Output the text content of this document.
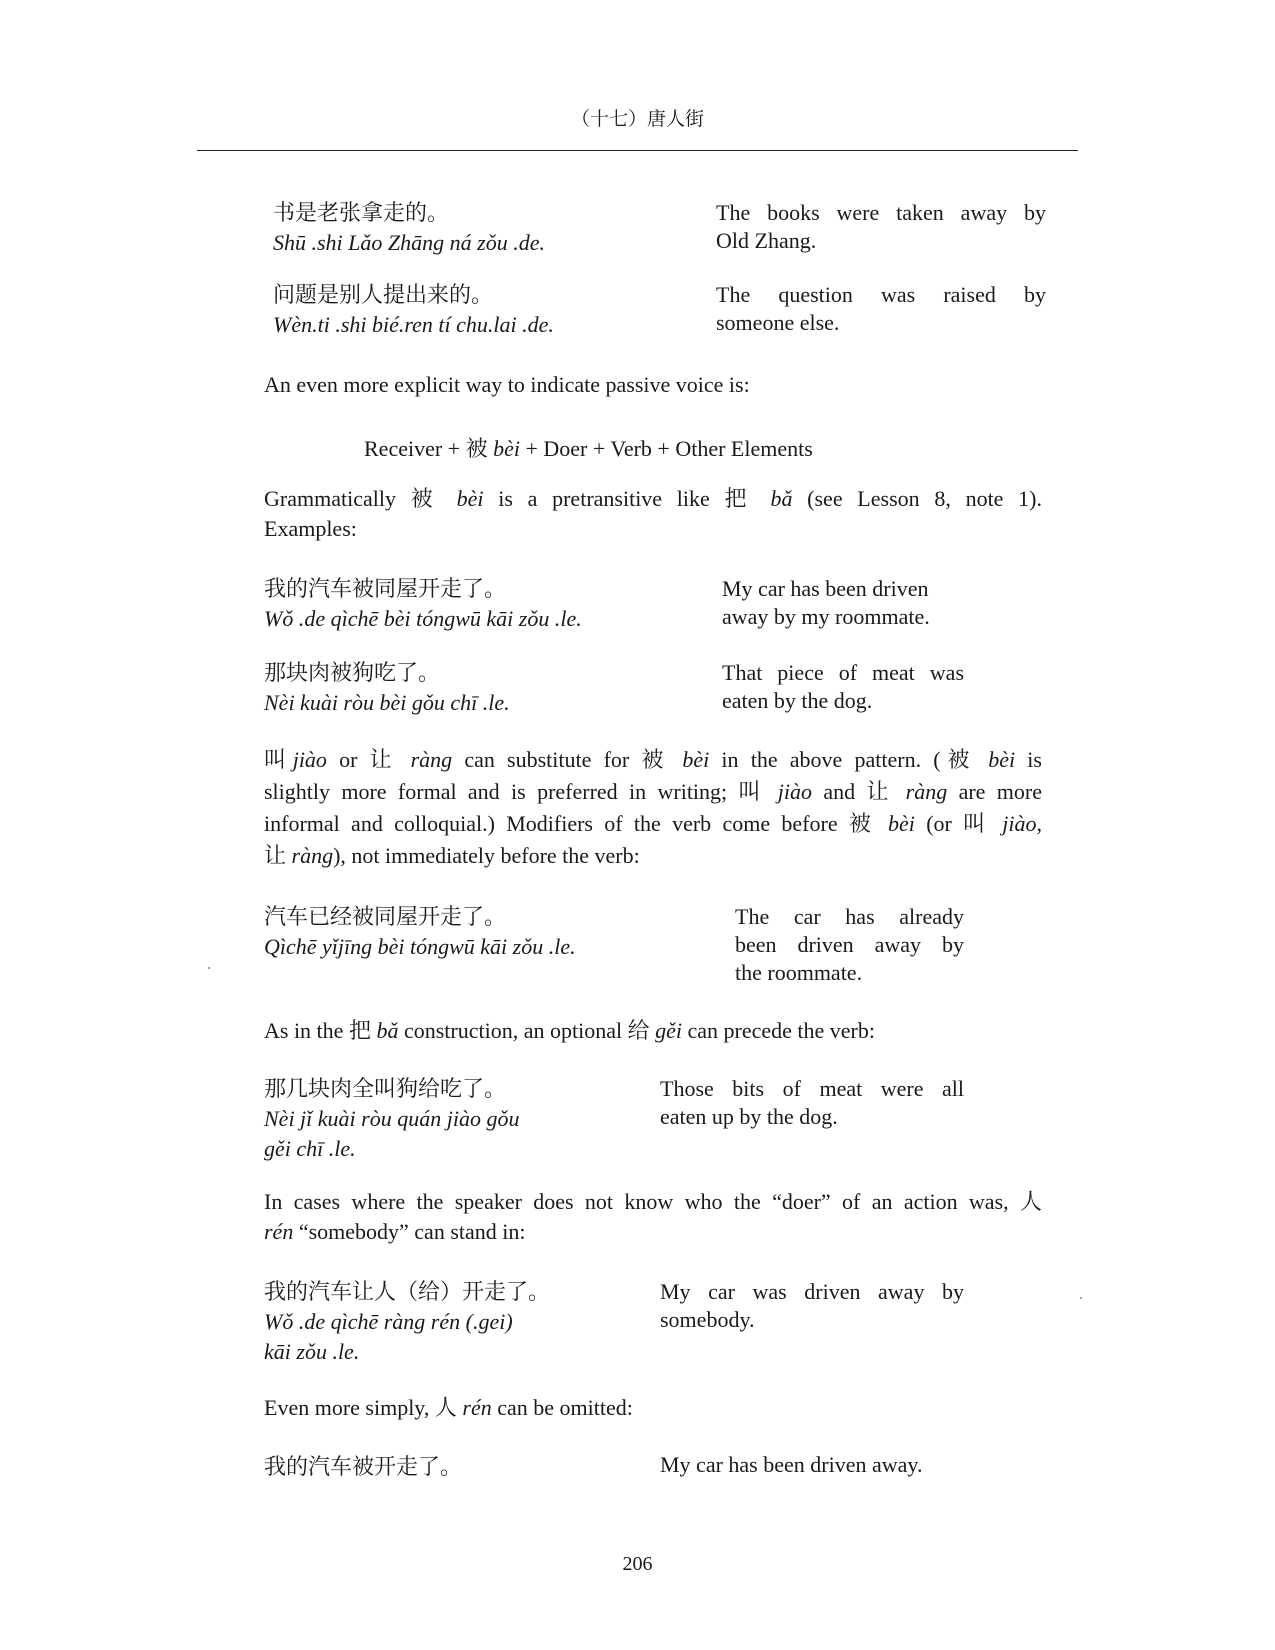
（十七）唐人街
书是老张拿走的。
Shū .shi Lǎo Zhāng ná zǒu .de.
The books were taken away by
Old Zhang.
问题是别人提出来的。
Wèn.ti .shi bié.ren tí chu.lai .de.
The question was raised by
someone else.
An even more explicit way to indicate passive voice is:
Receiver + 被 bèi + Doer + Verb + Other Elements
Grammatically 被 bèi is a pretransitive like 把 bǎ (see Lesson 8, note 1).
Examples:
我的汽车被同屋开走了。
Wǒ .de qìchē bèi tóngwū kāi zǒu .le.
My car has been driven
away by my roommate.
那块肉被狗吃了。
Nèi kuài ròu bèi gǒu chī .le.
That piece of meat was
eaten by the dog.
叫jiào or 让 ràng can substitute for 被 bèi in the above pattern. (被 bèi is
slightly more formal and is preferred in writing; 叫 jiào and 让 ràng are more
informal and colloquial.) Modifiers of the verb come before 被 bèi (or 叫 jiào,
让 ràng), not immediately before the verb:
汽车已经被同屋开走了。
Qìchē yǐjīng bèi tóngwū kāi zǒu .le.
The car has already
been driven away by
the roommate.
As in the 把 bǎ construction, an optional 给 gěi can precede the verb:
那几块肉全叫狗给吃了。
Nèi jǐ kuài ròu quán jiào gǒu
gěi chī .le.
Those bits of meat were all
eaten up by the dog.
In cases where the speaker does not know who the “doer” of an action was, 人
rén “somebody” can stand in:
我的汽车让人（给）开走了。
Wǒ .de qìchē ràng rén (.gei)
kāi zǒu .le.
My car was driven away by
somebody.
Even more simply, 人 rén can be omitted:
我的汽车被开走了。	My car has been driven away.
206
